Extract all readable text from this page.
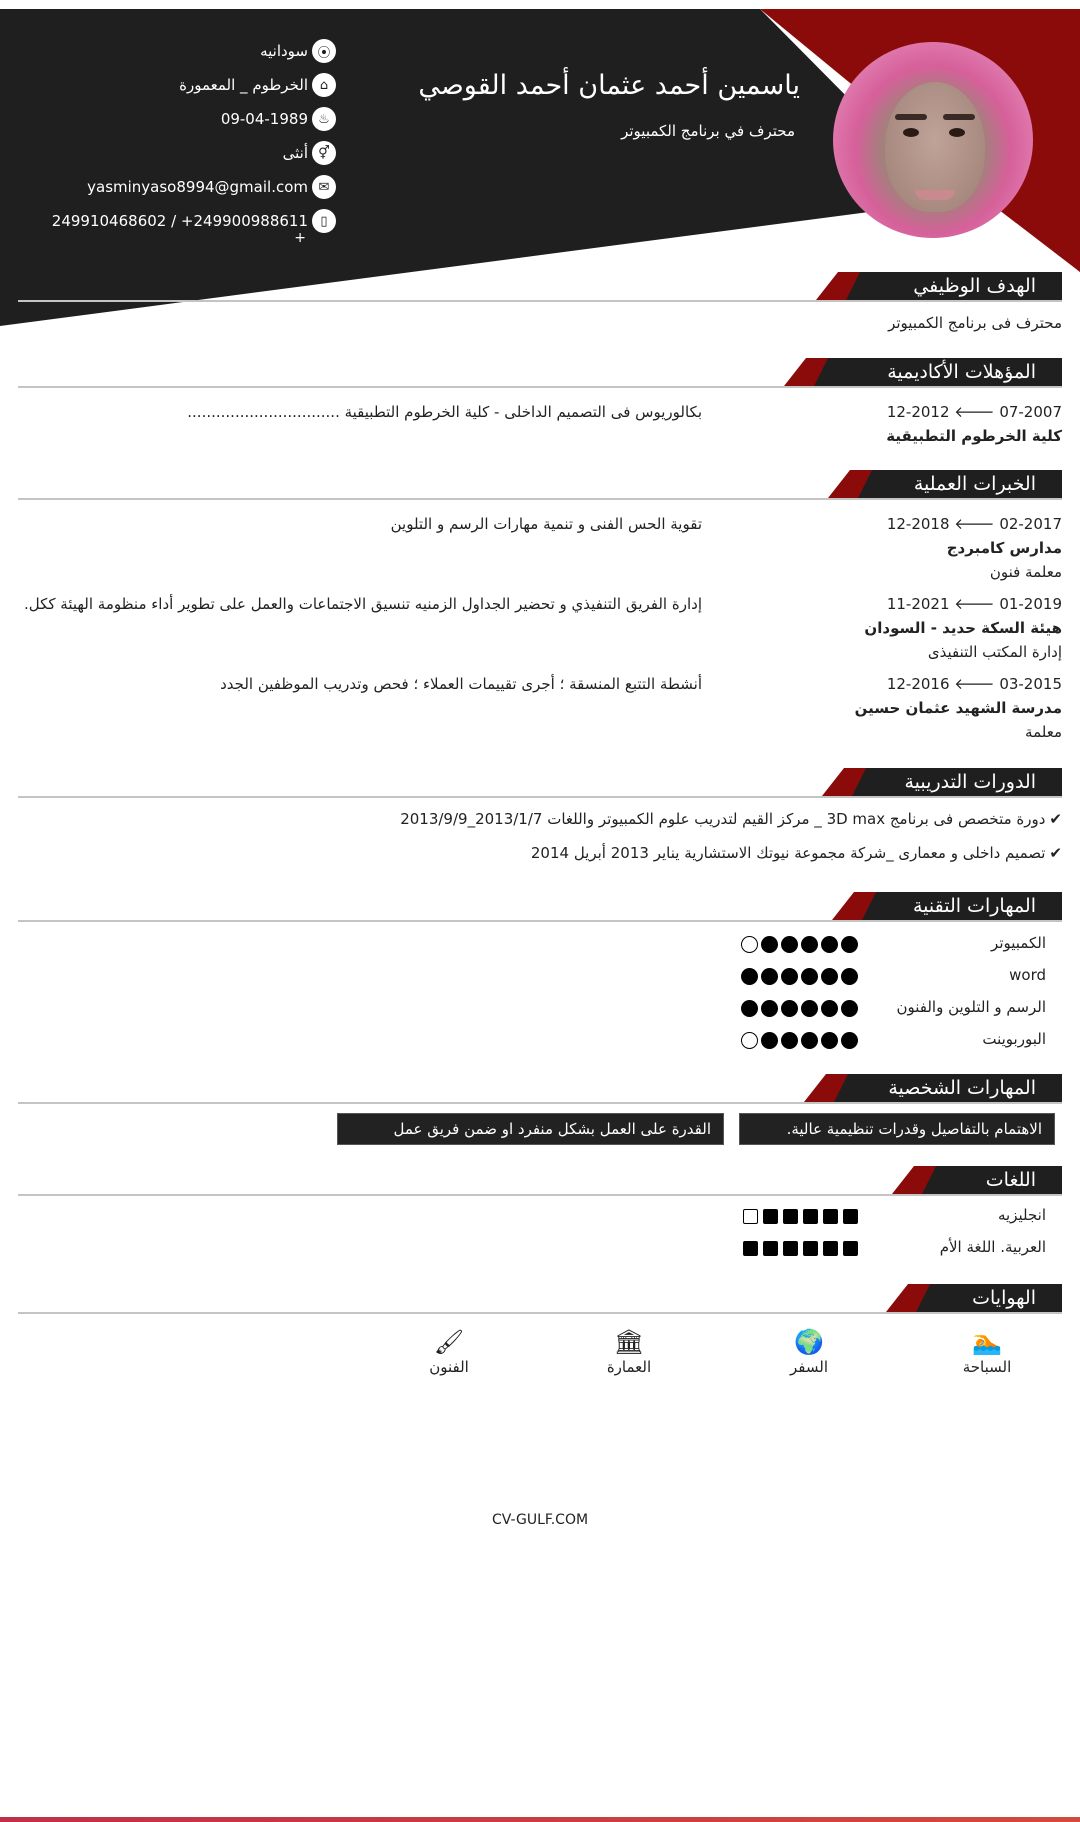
ياسمين أحمد عثمان أحمد القوصي
محترف في برنامج الكمبيوتر
⦿
سودانيه
⌂
الخرطوم _ المعمورة
♨
09-04-1989
⚥
أنثى
✉
yasminyaso8994@gmail.com
▯
249910468602 / +249900988611
+
الهدف الوظيفي
محترف فى برنامج الكمبيوتر
المؤهلات الأكاديمية
07-2007 🡐 12-2012
كلية الخرطوم التطبيقية
بكالوريوس فى التصميم الداخلى - كلية الخرطوم التطبيقية ................................
الخبرات العملية
02-2017 🡐 12-2018
مدارس كامبردج
معلمة فنون
تقوية الحس الفنى و تنمية مهارات الرسم و التلوين
01-2019 🡐 11-2021
هيئة السكة حديد - السودان
إدارة المكتب التنفيذى
إدارة الفريق التنفيذي و تحضير الجداول الزمنيه تنسيق الاجتماعات والعمل على تطوير أداء منظومة الهيئة ككل.
03-2015 🡐 12-2016
مدرسة الشهيد عثمان حسين
معلمة
أنشطة التتبع المنسقة ؛ أجرى تقييمات العملاء ؛ فحص وتدريب الموظفين الجدد
الدورات التدريبية
✔دورة متخصص فى برنامج 3D max _ مركز القيم لتدريب علوم الكمبيوتر واللغات 2013/1/7_2013/9/9
✔تصميم داخلى و معمارى _شركة مجموعة نيوتك الاستشارية يناير 2013 أبريل 2014
المهارات التقنية
الكمبيوتر
word
الرسم و التلوين والفنون
البوربوينت
المهارات الشخصية
الاهتمام بالتفاصيل وقدرات تنظيمية عالية.
القدرة على العمل بشكل منفرد او ضمن فريق عمل
اللغات
انجليزيه
العربية. اللغة الأم
الهوايات
🏊
السباحة
🌍
السفر
🏛
العمارة
🖌
الفنون
CV-GULF.COM
